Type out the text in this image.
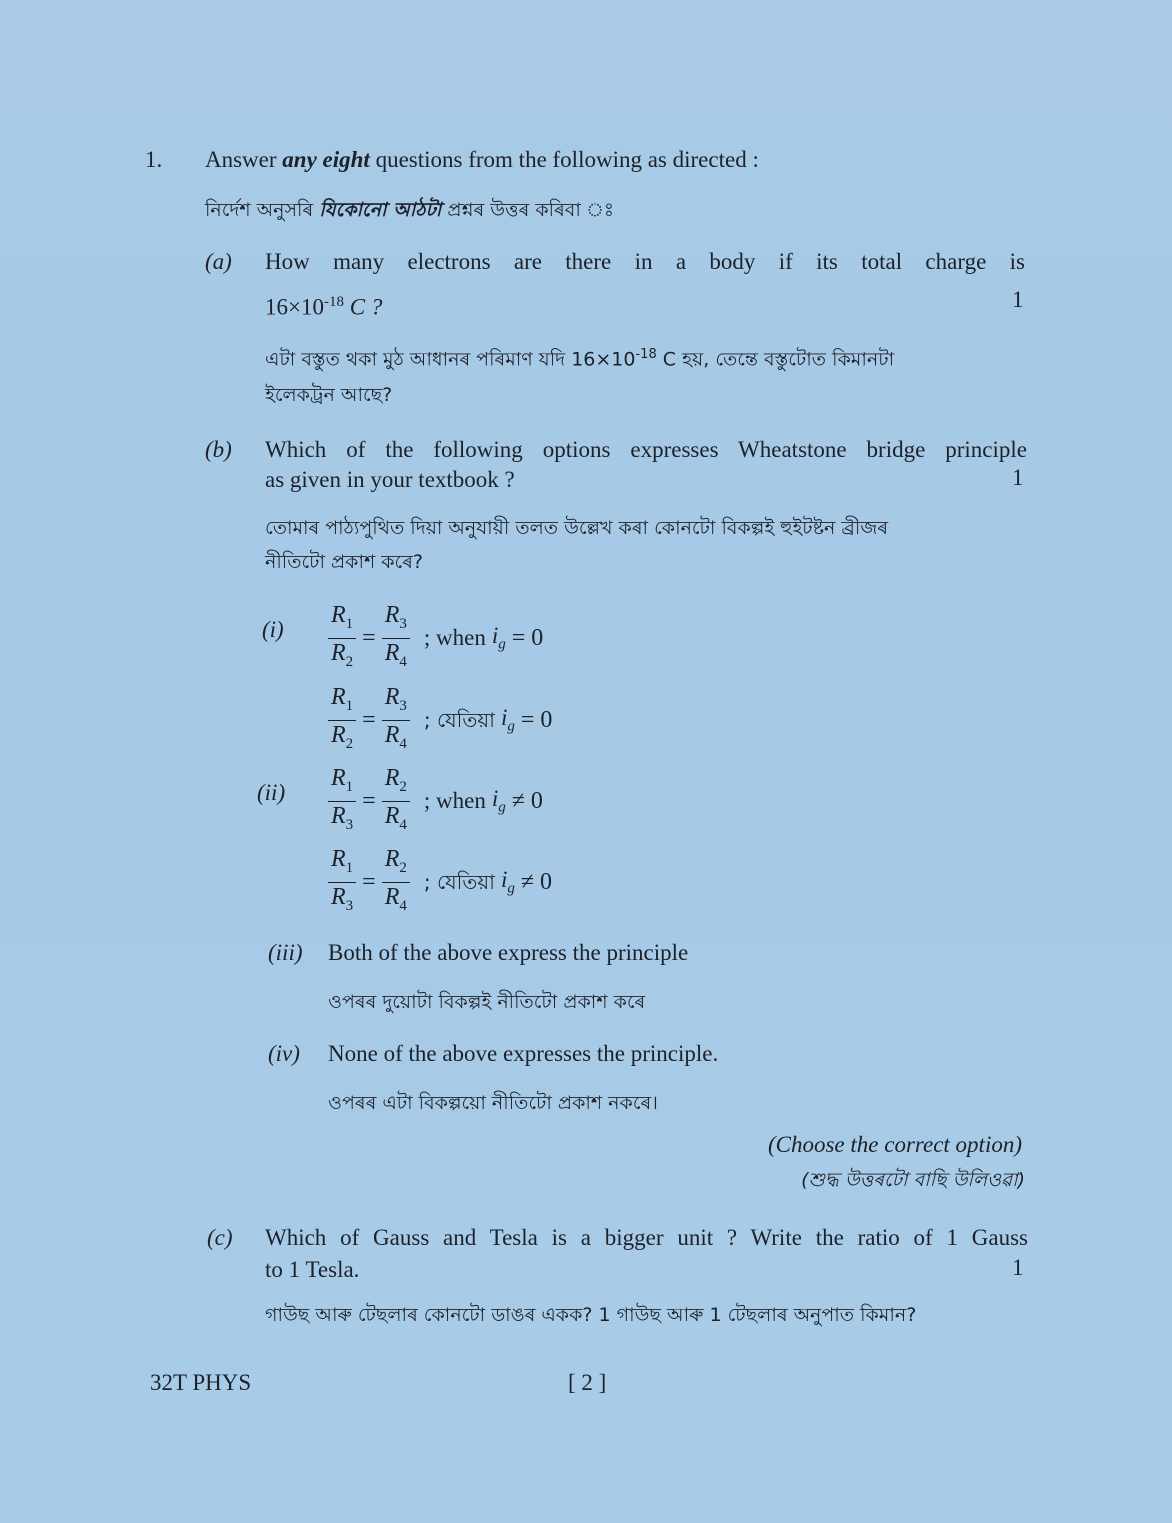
1. Answer any eight questions from the following as directed :
নির্দেশ অনুসৰি যিকোনো আঠটা প্ৰশ্নৰ উত্তৰ কৰিবা ঃ
(a) How many electrons are there in a body if its total charge is
$16\times 10^{-18}$ C ?	1
এটা বস্তুত থকা মুঠ আধানৰ পৰিমাণ যদি $16\times 10^{-18}$ C হয়, তেন্তে বস্তুটোত কিমানটা
ইলেকট্ৰন আছে?
(b) Which of the following options expresses Wheatstone bridge principle
as given in your textbook ?	1
তোমাৰ পাঠ্যপুথিত দিয়া অনুযায়ী তলত উল্লেখ কৰা কোনটো বিকল্পই হুইটষ্টন ব্ৰীজৰ
নীতিটো প্ৰকাশ কৰে?
$(i) \frac{R_1}{R_2} = \frac{R_3}{R_4}$ ; when $i_g = 0$
$\frac{R_1}{R_2} = \frac{R_3}{R_4}$ ; যেতিয়া $i_g = 0$
$(ii) \frac{R_1}{R_3} = \frac{R_2}{R_4}$ ; when $i_g \ne 0$
$\frac{R_1}{R_3} = \frac{R_2}{R_4}$ ; যেতিয়া $i_g \ne 0$
(iii) Both of the above express the principle
ওপৰৰ দুয়োটা বিকল্পই নীতিটো প্ৰকাশ কৰে
(iv) None of the above expresses the principle.
ওপৰৰ এটা বিকল্পয়ো নীতিটো প্ৰকাশ নকৰে।
(Choose the correct option)
(শুদ্ধ উত্তৰটো বাছি উলিওৱা)
(c) Which of Gauss and Tesla is a bigger unit ? Write the ratio of 1 Gauss
to 1 Tesla.	1
গাউছ আৰু টেছলাৰ কোনটো ডাঙৰ একক? 1 গাউছ আৰু 1 টেছলাৰ অনুপাত কিমান?
32T PHYS	[ 2 ]
